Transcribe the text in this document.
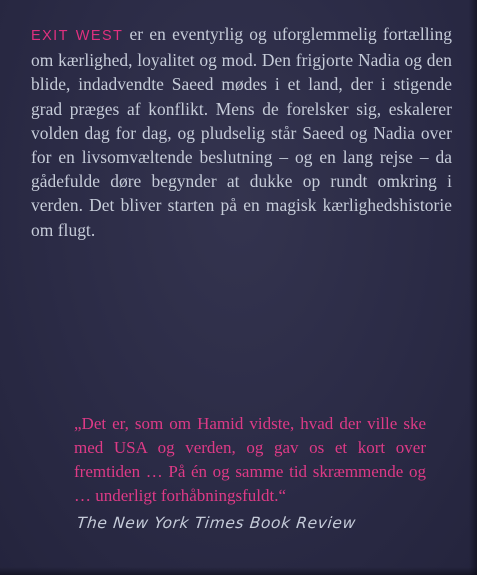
EXIT WEST er en eventyrlig og uforglemmelig fortælling om kærlighed, loyalitet og mod. Den frigjorte Nadia og den blide, indadvendte Saeed mødes i et land, der i stigende grad præges af konflikt. Mens de forelsker sig, eskalerer volden dag for dag, og pludselig står Saeed og Nadia over for en livsomvæltende beslutning – og en lang rejse – da gådefulde døre begynder at dukke op rundt omkring i verden. Det bliver starten på en magisk kærlighedshistorie om flugt.

„Det er, som om Hamid vidste, hvad der ville ske med USA og verden, og gav os et kort over fremtiden … På én og samme tid skræmmende og … underligt forhåbningsfuldt.“

The New York Times Book Review
